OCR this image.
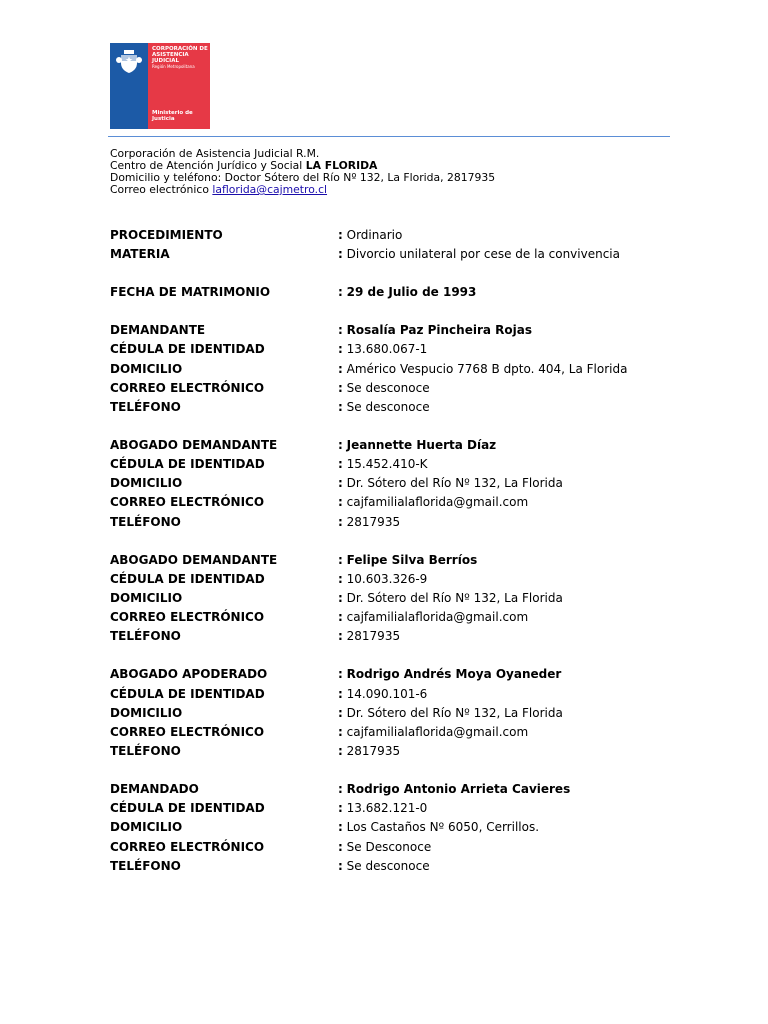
CORPORACIÓN DE
ASISTENCIA
JUDICIAL
Región Metropolitana
Ministerio de
Justicia
Corporación de Asistencia Judicial R.M.
Centro de Atención Jurídico y Social LA FLORIDA
Domicilio y teléfono: Doctor Sótero del Río Nº 132, La Florida, 2817935
Correo electrónico laflorida@cajmetro.cl
PROCEDIMIENTO	: Ordinario
MATERIA	: Divorcio unilateral por cese de la convivencia
FECHA DE MATRIMONIO	: 29 de Julio de 1993
DEMANDANTE	: Rosalía Paz Pincheira Rojas
CÉDULA DE IDENTIDAD	: 13.680.067-1
DOMICILIO	: Américo Vespucio 7768 B dpto. 404, La Florida
CORREO ELECTRÓNICO	: Se desconoce
TELÉFONO	: Se desconoce
ABOGADO DEMANDANTE	: Jeannette Huerta Díaz
CÉDULA DE IDENTIDAD	: 15.452.410-K
DOMICILIO	: Dr. Sótero del Río Nº 132, La Florida
CORREO ELECTRÓNICO	: cajfamilialaflorida@gmail.com
TELÉFONO	: 2817935
ABOGADO DEMANDANTE	: Felipe Silva Berríos
CÉDULA DE IDENTIDAD	: 10.603.326-9
DOMICILIO	: Dr. Sótero del Río Nº 132, La Florida
CORREO ELECTRÓNICO	: cajfamilialaflorida@gmail.com
TELÉFONO	: 2817935
ABOGADO APODERADO	: Rodrigo Andrés Moya Oyaneder
CÉDULA DE IDENTIDAD	: 14.090.101-6
DOMICILIO	: Dr. Sótero del Río Nº 132, La Florida
CORREO ELECTRÓNICO	: cajfamilialaflorida@gmail.com
TELÉFONO	: 2817935
DEMANDADO	: Rodrigo Antonio Arrieta Cavieres
CÉDULA DE IDENTIDAD	: 13.682.121-0
DOMICILIO	: Los Castaños Nº 6050, Cerrillos.
CORREO ELECTRÓNICO	: Se Desconoce
TELÉFONO	: Se desconoce
